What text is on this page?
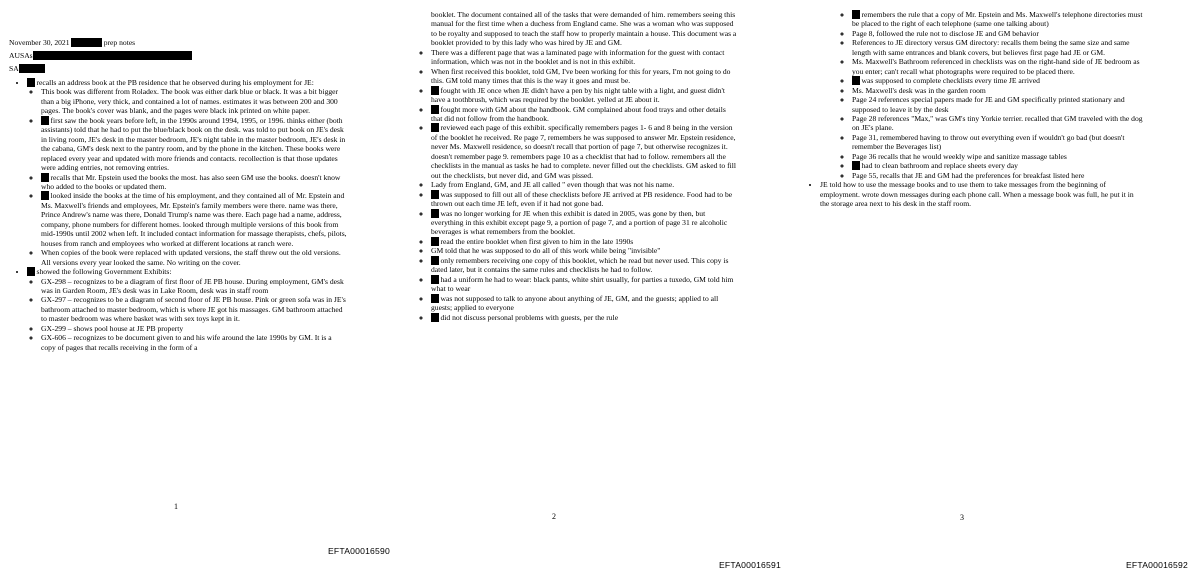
November 30, 2021	prep notes
AUSAs
SA
• recalls an address book at the PB residence that he observed during his employment for JE:
◦ This book was different from Roladex. The book was either dark blue or black. It was a bit bigger than a big iPhone, very thick, and contained a lot of names. estimates it was between 200 and 300 pages. The book's cover was blank, and the pages were black ink printed on white paper.
◦ first saw the book years before left, in the 1990s around 1994, 1995, or 1996. thinks either (both assistants) told that he had to put the blue/black book on the desk. was told to put book on JE's desk in living room, JE's desk in the master bedroom, JE's night table in the master bedroom, JE's desk in the cabana, GM's desk next to the pantry room, and by the phone in the kitchen. These books were replaced every year and updated with more friends and contacts. recollection is that those updates were adding entries, not removing entries.
◦ recalls that Mr. Epstein used the books the most. has also seen GM use the books. doesn't know who added to the books or updated them.
◦ looked inside the books at the time of his employment, and they contained all of Mr. Epstein and Ms. Maxwell's friends and employees, Mr. Epstein's family members were there. name was there, Prince Andrew's name was there, Donald Trump's name was there. Each page had a name, address, company, phone numbers for different homes. looked through multiple versions of this book from mid-1990s until 2002 when left. It included contact information for massage therapists, chefs, pilots, houses from ranch and employees who worked at different locations at ranch were.
◦ When copies of the book were replaced with updated versions, the staff threw out the old versions. All versions every year looked the same. No writing on the cover.
• showed the following Government Exhibits:
◦ GX-298 – recognizes to be a diagram of first floor of JE PB house. During employment, GM's desk was in Garden Room, JE's desk was in Lake Room, desk was in staff room
◦ GX-297 – recognizes to be a diagram of second floor of JE PB house. Pink or green sofa was in JE's bathroom attached to master bedroom, which is where JE got his massages. GM bathroom attached to master bedroom was where basket was with sex toys kept in it.
◦ GX-299 – shows pool house at JE PB property
◦ GX-606 – recognizes to be document given to and his wife around the late 1990s by GM. It is a copy of pages that recalls receiving in the form of a
1
EFTA00016590

booklet. The document contained all of the tasks that were demanded of him. remembers seeing this manual for the first time when a duchess from England came. She was a woman who was supposed to be royalty and supposed to teach the staff how to properly maintain a house. This document was a booklet provided to by this lady who was hired by JE and GM.

◦ There was a different page that was a laminated page with information for the guest with contact information, which was not in the booklet and is not in this exhibit.
◦ When first received this booklet, told GM, I've been working for this for years, I'm not going to do this. GM told many times that this is the way it goes and must be.
◦ fought with JE once when JE didn't have a pen by his night table with a light, and guest didn't have a toothbrush, which was required by the booklet. yelled at JE about it.
◦ fought more with GM about the handbook. GM complained about food trays and other details that did not follow from the handbook.
◦ reviewed each page of this exhibit. specifically remembers pages 1- 6 and 8 being in the version of the booklet he received. Re page 7, remembers he was supposed to answer Mr. Epstein residence, never Ms. Maxwell residence, so doesn't recall that portion of page 7, but otherwise recognizes it. doesn't remember page 9. remembers page 10 as a checklist that had to follow. remembers all the checklists in the manual as tasks he had to complete. never filled out the checklists. GM asked to fill out the checklists, but never did, and GM was pissed.
◦ Lady from England, GM, and JE all called " even though that was not his name.
◦ was supposed to fill out all of these checklists before JE arrived at PB residence. Food had to be thrown out each time JE left, even if it had not gone bad.
◦ was no longer working for JE when this exhibit is dated in 2005, was gone by then, but everything in this exhibit except page 9, a portion of page 7, and a portion of page 31 re alcoholic beverages is what remembers from the booklet.
◦ read the entire booklet when first given to him in the late 1990s
◦ GM told that he was supposed to do all of this work while being "invisible"
◦ only remembers receiving one copy of this booklet, which he read but never used. This copy is dated later, but it contains the same rules and checklists he had to follow.
◦ had a uniform he had to wear: black pants, white shirt usually, for parties a tuxedo, GM told him what to wear
◦ was not supposed to talk to anyone about anything of JE, GM, and the guests; applied to all guests; applied to everyone
◦ did not discuss personal problems with guests, per the rule
2
EFTA00016591
◦ remembers the rule that a copy of Mr. Epstein and Ms. Maxwell's telephone directories must be placed to the right of each telephone (same one talking about)
◦ Page 8, followed the rule not to disclose JE and GM behavior
◦ References to JE directory versus GM directory: recalls them being the same size and same length with same entrances and blank covers, but believes first page had JE or GM.
◦ Ms. Maxwell's Bathroom referenced in checklists was on the right-hand side of JE bedroom as you enter; can't recall what photographs were required to be placed there.
◦ was supposed to complete checklists every time JE arrived
◦ Ms. Maxwell's desk was in the garden room
◦ Page 24 references special papers made for JE and GM specifically printed stationary and supposed to leave it by the desk
◦ Page 28 references "Max," was GM's tiny Yorkie terrier. recalled that GM traveled with the dog on JE's plane.
◦ Page 31, remembered having to throw out everything even if wouldn't go bad (but doesn't remember the Beverages list)
◦ Page 36 recalls that he would weekly wipe and sanitize massage tables
◦ had to clean bathroom and replace sheets every day
◦ Page 55, recalls that JE and GM had the preferences for breakfast listed here
• JE told how to use the message books and to use them to take messages from the beginning of employment. wrote down messages during each phone call. When a message book was full, he put it in the storage area next to his desk in the staff room.
3
EFTA00016592
